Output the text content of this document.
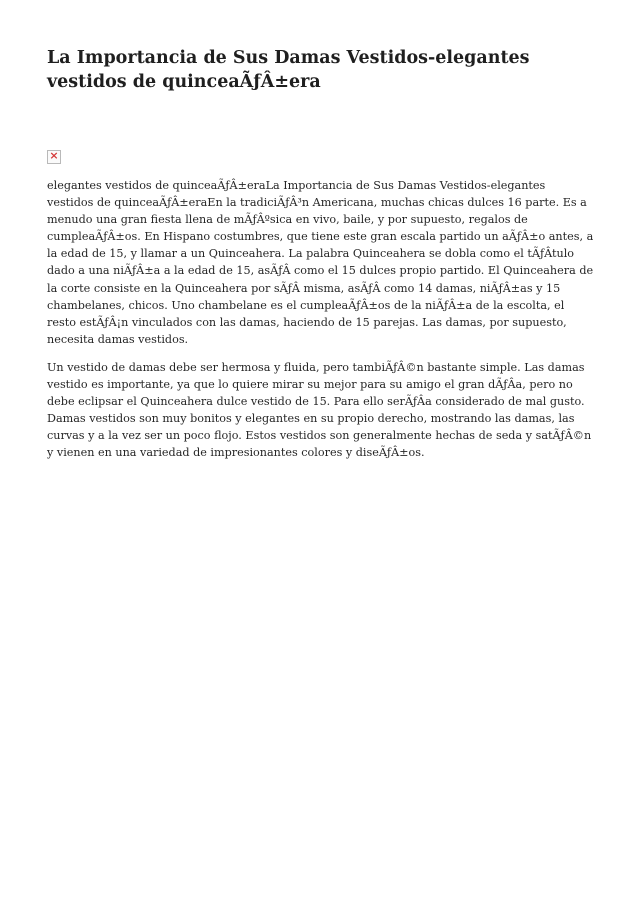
La Importancia de Sus Damas Vestidos-elegantes vestidos de quinceaÃƒÂ±era
×

elegantes vestidos de quinceaÃƒÂ±eraLa Importancia de Sus Damas Vestidos-elegantes vestidos de quinceaÃƒÂ±eraEn la tradiciÃƒÂ³n Americana, muchas chicas dulces 16 parte. Es a menudo una gran fiesta llena de mÃƒÂºsica en vivo, baile, y por supuesto, regalos de cumpleaÃƒÂ±os. En Hispano costumbres, que tiene este gran escala partido un aÃƒÂ±o antes, a la edad de 15, y llamar a un Quinceahera. La palabra Quinceahera se dobla como el tÃƒÂtulo dado a una niÃƒÂ±a a la edad de 15, asÃƒÂ como el 15 dulces propio partido. El Quinceahera de la corte consiste en la Quinceahera por sÃƒÂ misma, asÃƒÂ como 14 damas, niÃƒÂ±as y 15 chambelanes, chicos. Uno chambelane es el cumpleaÃƒÂ±os de la niÃƒÂ±a de la escolta, el resto estÃƒÂ¡n vinculados con las damas, haciendo de 15 parejas. Las damas, por supuesto, necesita damas vestidos.

Un vestido de damas debe ser hermosa y fluida, pero tambiÃƒÂ©n bastante simple. Las damas vestido es importante, ya que lo quiere mirar su mejor para su amigo el gran dÃƒÂa, pero no debe eclipsar el Quinceahera dulce vestido de 15. Para ello serÃƒÂa considerado de mal gusto. Damas vestidos son muy bonitos y elegantes en su propio derecho, mostrando las damas, las curvas y a la vez ser un poco flojo. Estos vestidos son generalmente hechas de seda y satÃƒÂ©n y vienen en una variedad de impresionantes colores y diseÃƒÂ±os.
